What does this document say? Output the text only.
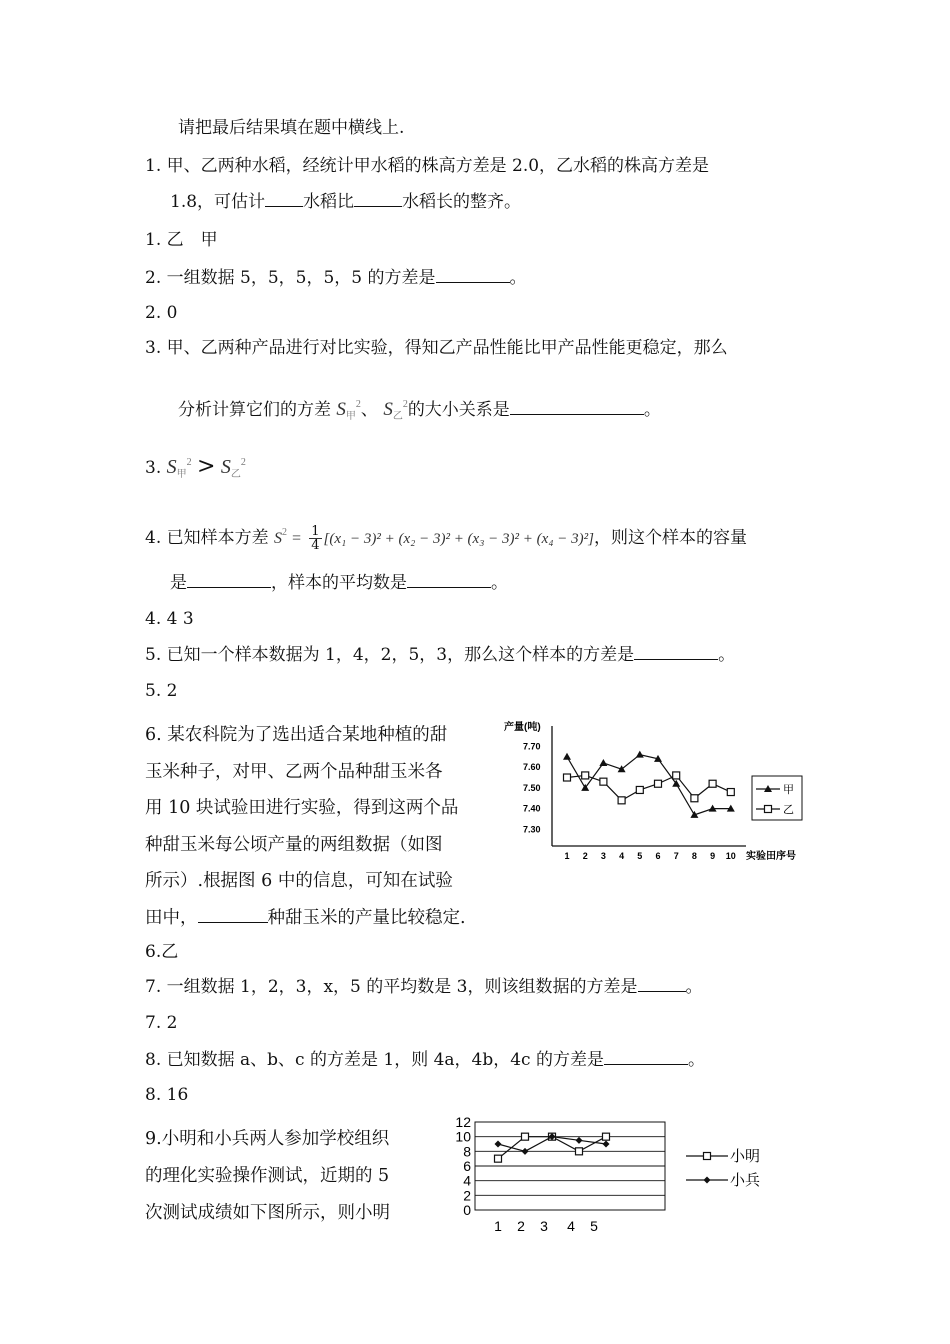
请把最后结果填在题中横线上.
1. 甲、乙两种水稻，经统计甲水稻的株高方差是 2.0，乙水稻的株高方差是
1.8，可估计 水稻比	水稻长的整齐。
1. 乙　甲
2. 一组数据 5，5，5，5，5 的方差是	。
2. 0
3. 甲、乙两种产品进行对比实验，得知乙产品性能比甲产品性能更稳定，那么
分析计算它们的方差 $S_甲^2$、 $S_乙^2$的大小关系是	。
3. $S_甲^2 > S_乙^2$
4. 已知样本方差 $S^2 = \frac{1}{4} [(x_1 - 3)^2 + (x_2 - 3)^2 + (x_3 - 3)^2 + (x_4 - 3)^2]$，则这个样本的容量
是	，样本的平均数是	。
4. 4 3
5. 已知一个样本数据为 1，4，2，5，3，那么这个样本的方差是	。
5. 2
6. 某农科院为了选出适合某地种植的甜
玉米种子，对甲、乙两个品种甜玉米各
用 10 块试验田进行实验，得到这两个品
种甜玉米每公顷产量的两组数据（如图
所示）.根据图 6 中的信息，可知在试验
田中，	种甜玉米的产量比较稳定.
产量(吨)
7.70
7.60
7.50
7.40
7.30
1 2 3 4 5 6 7 8 9 10 实验田序号
甲
乙
6.乙
7. 一组数据 1，2，3，x，5 的平均数是 3，则该组数据的方差是	。
7. 2
8. 已知数据 a、b、c 的方差是 1，则 4a，4b，4c 的方差是	。
8. 16
9.小明和小兵两人参加学校组织
的理化实验操作测试，近期的 5
次测试成绩如下图所示，则小明
12
10
8
6
4
2
0
1 2 3 4 5
小明
小兵
